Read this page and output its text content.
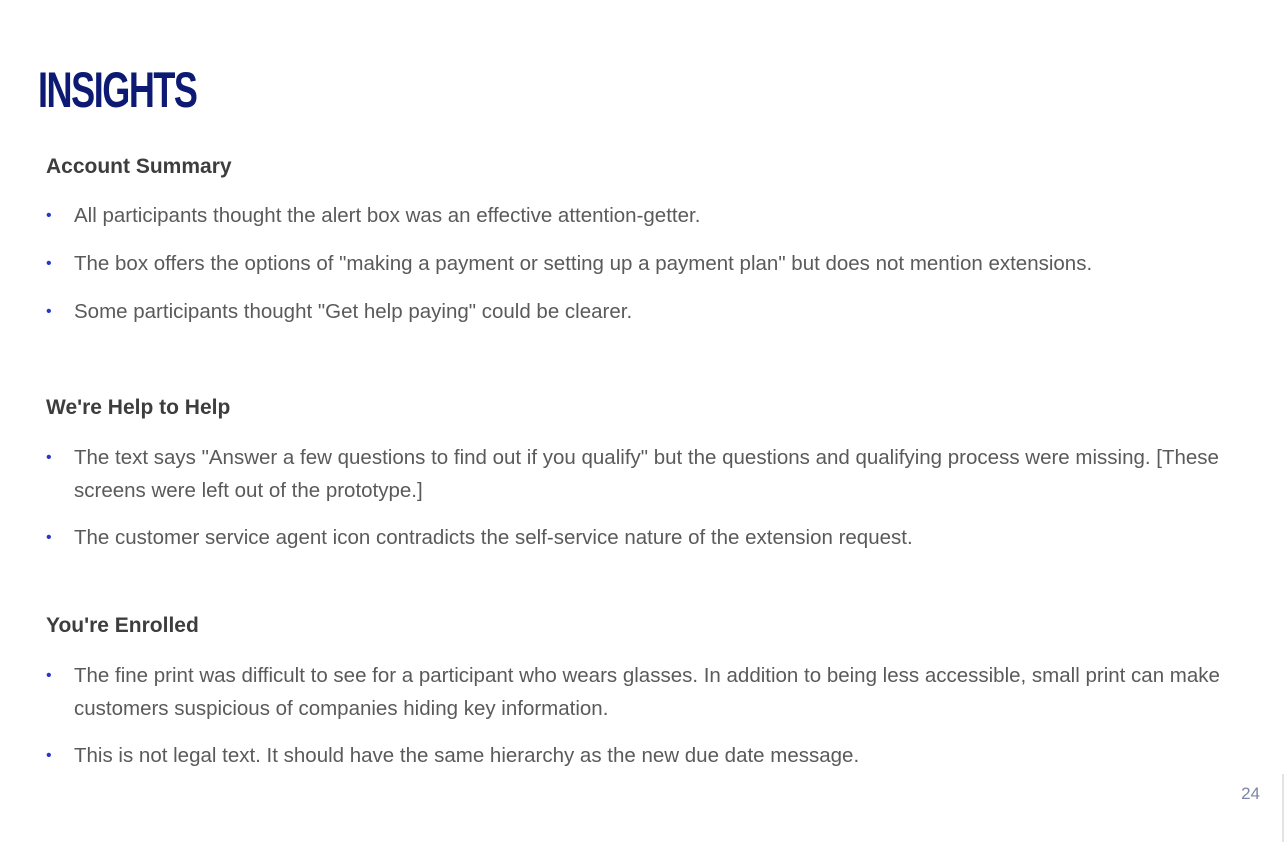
INSIGHTS
Account Summary
• All participants thought the alert box was an effective attention-getter.
• The box offers the options of "making a payment or setting up a payment plan" but does not mention extensions.
• Some participants thought "Get help paying" could be clearer.
We're Help to Help
• The text says "Answer a few questions to find out if you qualify" but the questions and qualifying process were missing. [These screens were left out of the prototype.]
• The customer service agent icon contradicts the self-service nature of the extension request.
You're Enrolled
• The fine print was difficult to see for a participant who wears glasses. In addition to being less accessible, small print can make customers suspicious of companies hiding key information.
• This is not legal text. It should have the same hierarchy as the new due date message.
24
